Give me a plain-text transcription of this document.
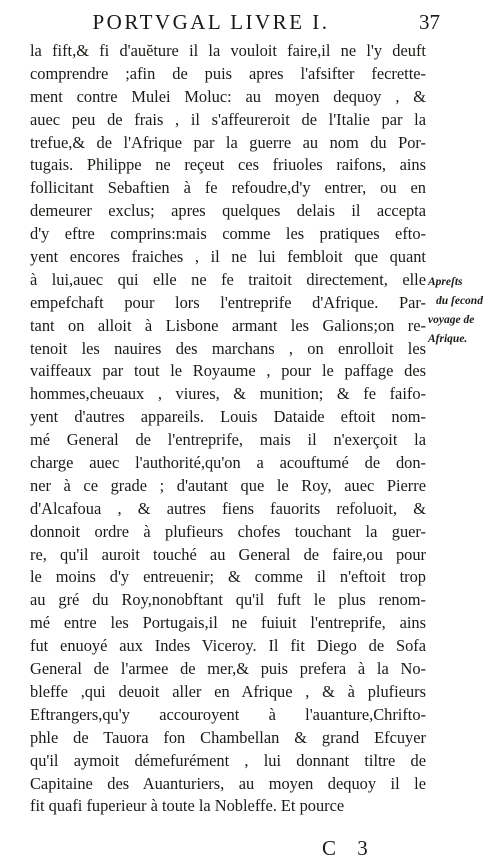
PORTVGAL LIVRE I.	37
la fift,& fi d'auĕture il la vouloit faire,il ne l'y deuft
comprendre ;afin de puis apres l'afsifter fecrette-
ment contre Mulei Moluc: au moyen dequoy , &
auec peu de frais , il s'affeureroit de l'Italie par la
trefue,& de l'Afrique par la guerre au nom du Por-
tugais. Philippe ne reçeut ces friuoles raifons, ains
follicitant Sebaftien à fe refoudre,d'y entrer, ou en
demeurer exclus; apres quelques delais il accepta
d'y eftre comprins:mais comme les pratiques efto-
yent encores fraiches , il ne lui fembloit que quant
à lui,auec qui elle ne fe traitoit directement, elle
empefchaft pour lors l'entreprife d'Afrique. Par-
tant on alloit à Lisbone armant les Galions;on re-
tenoit les nauires des marchans , on enrolloit les
vaiffeaux par tout le Royaume , pour le paffage des
hommes,cheuaux , viures, & munition; & fe faifo-
yent d'autres appareils. Louis Dataide eftoit nom-
mé General de l'entreprife, mais il n'exerçoit la
charge auec l'authorité,qu'on a acouftumé de don-
ner à ce grade ; d'autant que le Roy, auec Pierre
d'Alcafoua , & autres fiens fauorits refoluoit, &
donnoit ordre à plufieurs chofes touchant la guer-
re, qu'il auroit touché au General de faire,ou pour
le moins d'y entreuenir; & comme il n'eftoit trop
au gré du Roy,nonobftant qu'il fuft le plus renom-
mé entre les Portugais,il ne fuiuit l'entreprife, ains
fut enuoyé aux Indes Viceroy. Il fit Diego de Sofa
General de l'armee de mer,& puis prefera à la No-
bleffe ,qui deuoit aller en Afrique , & à plufieurs
Eftrangers,qu'y accouroyent à l'auanture,Chrifto-
phle de Tauora fon Chambellan & grand Efcuyer
qu'il aymoit démefurément , lui donnant tiltre de
Capitaine des Auanturiers, au moyen dequoy il le
fit quafi fuperieur à toute la Nobleffe. Et pource
Apreſts
du ſecond
voyage de
Afrique.
C 3
